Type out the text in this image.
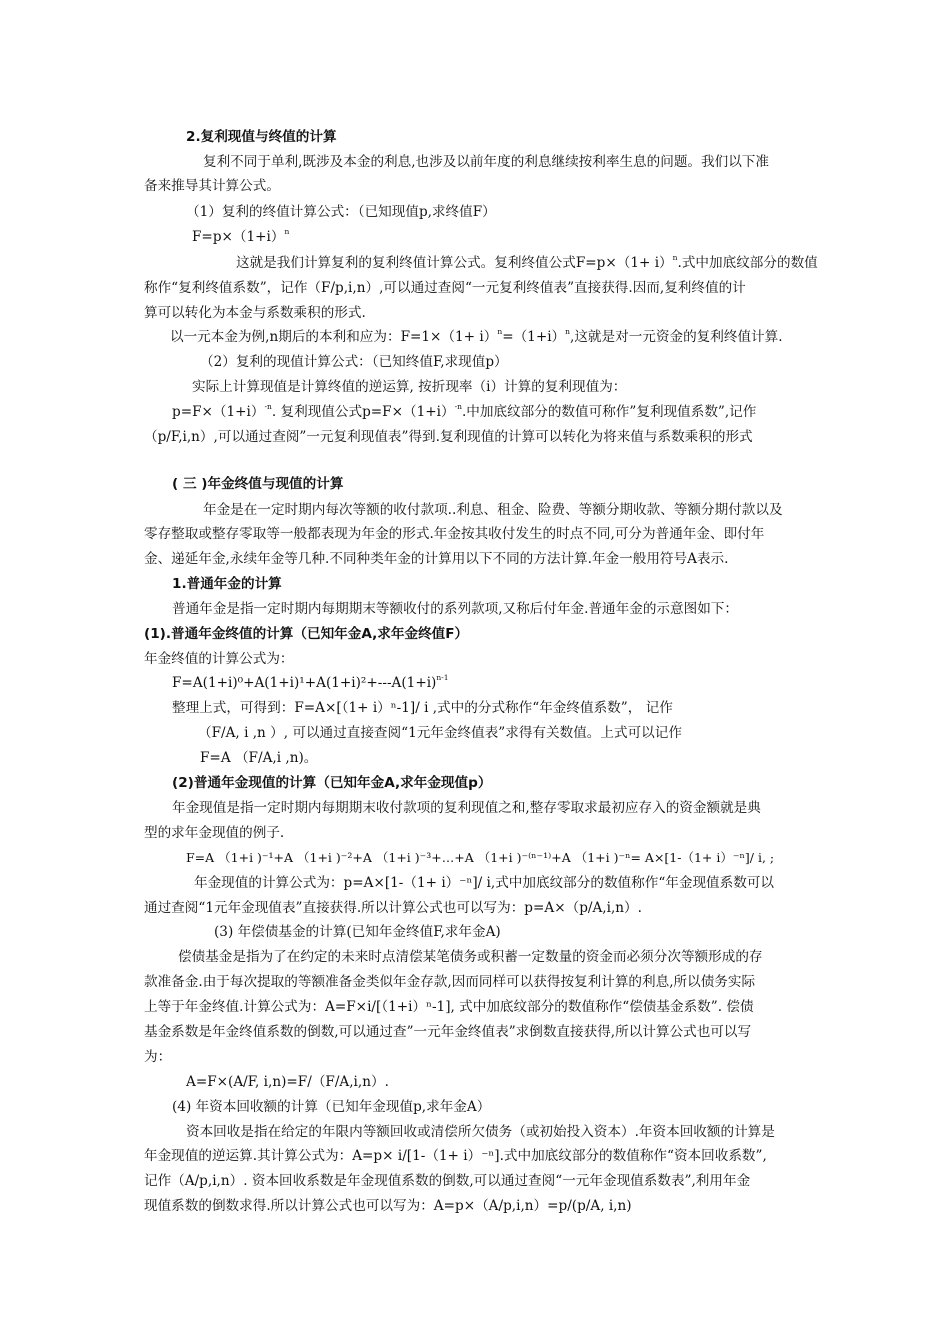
2.复利现值与终值的计算
复利不同于单利,既涉及本金的利息,也涉及以前年度的利息继续按利率生息的问题。我们以下准
备来推导其计算公式。
（1）复利的终值计算公式：（已知现值p,求终值F）
$F=p\times(1+i)^n$
这就是我们计算复利的复利终值计算公式。复利终值公式$F=p\times(1+ i)^n$.式中加底纹部分的数值
称作“复利终值系数”，记作（F/p,i,n）,可以通过查阅“一元复利终值表”直接获得.因而,复利终值的计
算可以转化为本金与系数乘积的形式.
以一元本金为例,n期后的本利和应为：$F=1\times(1+ i)^n=(1+i)^n$,这就是对一元资金的复利终值计算.
（2）复利的现值计算公式：（已知终值F,求现值p）
实际上计算现值是计算终值的逆运算, 按折现率（i）计算的复利现值为：
$p=F\times(1+i)^{-n}$. 复利现值公式$p=F\times(1+i)^{-n}$.中加底纹部分的数值可称作”复利现值系数”,记作
（p/F,i,n）,可以通过查阅”一元复利现值表”得到.复利现值的计算可以转化为将来值与系数乘积的形式
( 三 )年金终值与现值的计算
年金是在一定时期内每次等额的收付款项..利息、租金、险费、等额分期收款、等额分期付款以及
零存整取或整存零取等一般都表现为年金的形式.年金按其收付发生的时点不同,可分为普通年金、即付年
金、递延年金,永续年金等几种.不同种类年金的计算用以下不同的方法计算.年金一般用符号A表示.
1.普通年金的计算
普通年金是指一定时期内每期期末等额收付的系列款项,又称后付年金.普通年金的示意图如下：
(1).普通年金终值的计算（已知年金A,求年金终值F）
年金终值的计算公式为：
$F=A(1+i)^0+A(1+i)^1+A(1+i)^2+---A(1+i)^{n-1}$
整理上式，可得到：F=A×[（1+ i）ⁿ-1]/ i ,式中的分式称作“年金终值系数”， 记作
（F/A, i ,n ）, 可以通过直接查阅“1元年金终值表”求得有关数值。上式可以记作
F=A （F/A,i ,n)。
(2)普通年金现值的计算（已知年金A,求年金现值p）
年金现值是指一定时期内每期期末收付款项的复利现值之和,整存零取求最初应存入的资金额就是典
型的求年金现值的例子.
F=A （1+i )⁻¹+A （1+i )⁻²+A （1+i )⁻³+…+A （1+i )⁻⁽ⁿ⁻¹⁾+A （1+i )⁻ⁿ= A×[1-（1+ i）⁻ⁿ]/ i, ;
年金现值的计算公式为：p=A×[1-（1+ i）⁻ⁿ]/ i,式中加底纹部分的数值称作“年金现值系数可以
通过查阅“1元年金现值表”直接获得.所以计算公式也可以写为：p=A×（p/A,i,n）.
(3) 年偿债基金的计算(已知年金终值F,求年金A)
偿债基金是指为了在约定的未来时点清偿某笔债务或积蓄一定数量的资金而必须分次等额形成的存
款准备金.由于每次提取的等额准备金类似年金存款,因而同样可以获得按复利计算的利息,所以债务实际
上等于年金终值.计算公式为：A=F×i/[（1+i）ⁿ-1], 式中加底纹部分的数值称作“偿债基金系数”. 偿债
基金系数是年金终值系数的倒数,可以通过查”一元年金终值表”求倒数直接获得,所以计算公式也可以写
为：
A=F×(A/F, i,n)=F/（F/A,i,n）.
(4) 年资本回收额的计算（已知年金现值p,求年金A）
资本回收是指在给定的年限内等额回收或清偿所欠债务（或初始投入资本）.年资本回收额的计算是
年金现值的逆运算.其计算公式为：A=p× i/[1-（1+ i）⁻ⁿ].式中加底纹部分的数值称作“资本回收系数”,
记作（A/p,i,n）. 资本回收系数是年金现值系数的倒数,可以通过查阅“一元年金现值系数表”,利用年金
现值系数的倒数求得.所以计算公式也可以写为：A=p×（A/p,i,n）=p/(p/A, i,n)
